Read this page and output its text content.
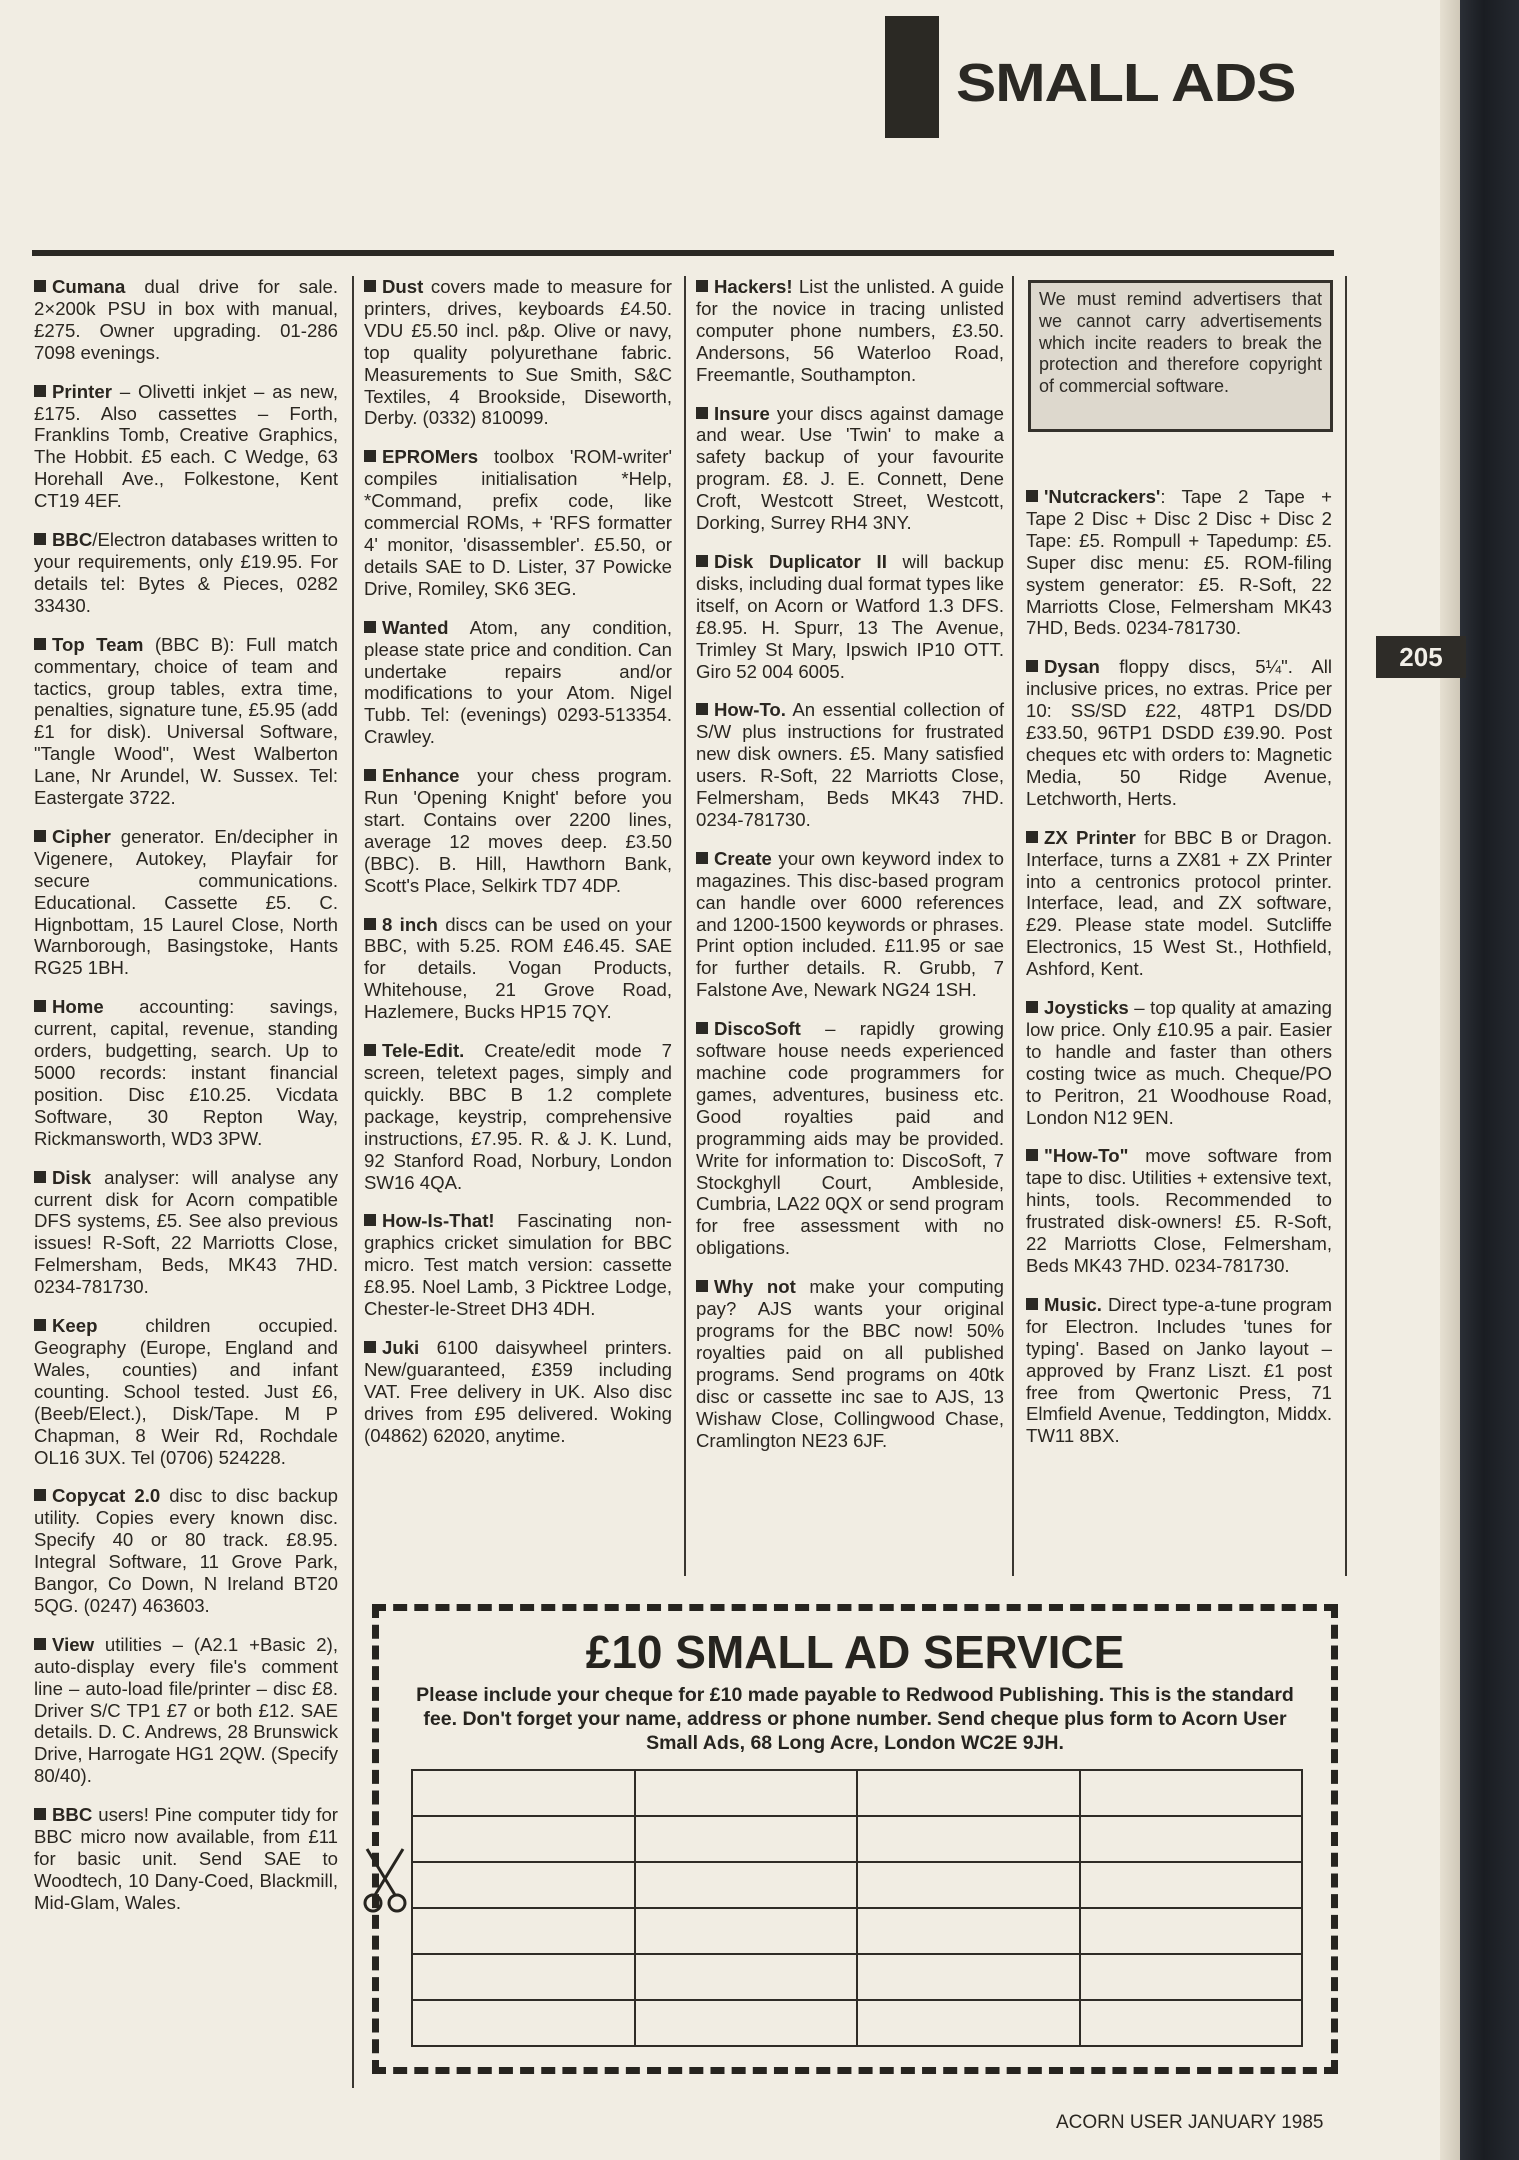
SMALL ADS
205
Cumana dual drive for sale. 2×200k PSU in box with manual, £275. Owner upgrading. 01-286 7098 evenings.
Printer – Olivetti inkjet – as new, £175. Also cassettes – Forth, Franklins Tomb, Creative Graphics, The Hobbit. £5 each. C Wedge, 63 Horehall Ave., Folkestone, Kent CT19 4EF.
BBC/Electron databases written to your requirements, only £19.95. For details tel: Bytes & Pieces, 0282 33430.
Top Team (BBC B): Full match commentary, choice of team and tactics, group tables, extra time, penalties, signature tune, £5.95 (add £1 for disk). Universal Software, "Tangle Wood", West Walberton Lane, Nr Arundel, W. Sussex. Tel: Eastergate 3722.
Cipher generator. En/decipher in Vigenere, Autokey, Playfair for secure communications. Educational. Cassette £5. C. Hignbottam, 15 Laurel Close, North Warnborough, Basingstoke, Hants RG25 1BH.
Home accounting: savings, current, capital, revenue, standing orders, budgetting, search. Up to 5000 records: instant financial position. Disc £10.25. Vicdata Software, 30 Repton Way, Rickmansworth, WD3 3PW.
Disk analyser: will analyse any current disk for Acorn compatible DFS systems, £5. See also previous issues! R-Soft, 22 Marriotts Close, Felmersham, Beds, MK43 7HD. 0234-781730.
Keep children occupied. Geography (Europe, England and Wales, counties) and infant counting. School tested. Just £6, (Beeb/Elect.), Disk/Tape. M P Chapman, 8 Weir Rd, Rochdale OL16 3UX. Tel (0706) 524228.
Copycat 2.0 disc to disc backup utility. Copies every known disc. Specify 40 or 80 track. £8.95. Integral Software, 11 Grove Park, Bangor, Co Down, N Ireland BT20 5QG. (0247) 463603.
View utilities – (A2.1 +Basic 2), auto-display every file's comment line – auto-load file/printer – disc £8. Driver S/C TP1 £7 or both £12. SAE details. D. C. Andrews, 28 Brunswick Drive, Harrogate HG1 2QW. (Specify 80/40).
BBC users! Pine computer tidy for BBC micro now available, from £11 for basic unit. Send SAE to Woodtech, 10 Dany-Coed, Blackmill, Mid-Glam, Wales.
Dust covers made to measure for printers, drives, keyboards £4.50. VDU £5.50 incl. p&p. Olive or navy, top quality polyurethane fabric. Measurements to Sue Smith, S&C Textiles, 4 Brookside, Diseworth, Derby. (0332) 810099.
EPROMers toolbox 'ROM-writer' compiles initialisation *Help, *Command, prefix code, like commercial ROMs, + 'RFS formatter 4' monitor, 'disassembler'. £5.50, or details SAE to D. Lister, 37 Powicke Drive, Romiley, SK6 3EG.
Wanted Atom, any condition, please state price and condition. Can undertake repairs and/or modifications to your Atom. Nigel Tubb. Tel: (evenings) 0293-513354. Crawley.
Enhance your chess program. Run 'Opening Knight' before you start. Contains over 2200 lines, average 12 moves deep. £3.50 (BBC). B. Hill, Hawthorn Bank, Scott's Place, Selkirk TD7 4DP.
8 inch discs can be used on your BBC, with 5.25. ROM £46.45. SAE for details. Vogan Products, Whitehouse, 21 Grove Road, Hazlemere, Bucks HP15 7QY.
Tele-Edit. Create/edit mode 7 screen, teletext pages, simply and quickly. BBC B 1.2 complete package, keystrip, comprehensive instructions, £7.95. R. & J. K. Lund, 92 Stanford Road, Norbury, London SW16 4QA.
How-Is-That! Fascinating non-graphics cricket simulation for BBC micro. Test match version: cassette £8.95. Noel Lamb, 3 Picktree Lodge, Chester-le-Street DH3 4DH.
Juki 6100 daisywheel printers. New/guaranteed, £359 including VAT. Free delivery in UK. Also disc drives from £95 delivered. Woking (04862) 62020, anytime.
Hackers! List the unlisted. A guide for the novice in tracing unlisted computer phone numbers, £3.50. Andersons, 56 Waterloo Road, Freemantle, Southampton.
Insure your discs against damage and wear. Use 'Twin' to make a safety backup of your favourite program. £8. J. E. Connett, Dene Croft, Westcott Street, Westcott, Dorking, Surrey RH4 3NY.
Disk Duplicator II will backup disks, including dual format types like itself, on Acorn or Watford 1.3 DFS. £8.95. H. Spurr, 13 The Avenue, Trimley St Mary, Ipswich IP10 OTT. Giro 52 004 6005.
How-To. An essential collection of S/W plus instructions for frustrated new disk owners. £5. Many satisfied users. R-Soft, 22 Marriotts Close, Felmersham, Beds MK43 7HD. 0234-781730.
Create your own keyword index to magazines. This disc-based program can handle over 6000 references and 1200-1500 keywords or phrases. Print option included. £11.95 or sae for further details. R. Grubb, 7 Falstone Ave, Newark NG24 1SH.
DiscoSoft – rapidly growing software house needs experienced machine code programmers for games, adventures, business etc. Good royalties paid and programming aids may be provided. Write for information to: DiscoSoft, 7 Stockghyll Court, Ambleside, Cumbria, LA22 0QX or send program for free assessment with no obligations.
Why not make your computing pay? AJS wants your original programs for the BBC now! 50% royalties paid on all published programs. Send programs on 40tk disc or cassette inc sae to AJS, 13 Wishaw Close, Collingwood Chase, Cramlington NE23 6JF.
'Nutcrackers': Tape 2 Tape + Tape 2 Disc + Disc 2 Disc + Disc 2 Tape: £5. Rompull + Tapedump: £5. Super disc menu: £5. ROM-filing system generator: £5. R-Soft, 22 Marriotts Close, Felmersham MK43 7HD, Beds. 0234-781730.
Dysan floppy discs, 5¼". All inclusive prices, no extras. Price per 10: SS/SD £22, 48TP1 DS/DD £33.50, 96TP1 DSDD £39.90. Post cheques etc with orders to: Magnetic Media, 50 Ridge Avenue, Letchworth, Herts.
ZX Printer for BBC B or Dragon. Interface, turns a ZX81 + ZX Printer into a centronics protocol printer. Interface, lead, and ZX software, £29. Please state model. Sutcliffe Electronics, 15 West St., Hothfield, Ashford, Kent.
Joysticks – top quality at amazing low price. Only £10.95 a pair. Easier to handle and faster than others costing twice as much. Cheque/PO to Peritron, 21 Woodhouse Road, London N12 9EN.
"How-To" move software from tape to disc. Utilities + extensive text, hints, tools. Recommended to frustrated disk-owners! £5. R-Soft, 22 Marriotts Close, Felmersham, Beds MK43 7HD. 0234-781730.
Music. Direct type-a-tune program for Electron. Includes 'tunes for typing'. Based on Janko layout – approved by Franz Liszt. £1 post free from Qwertonic Press, 71 Elmfield Avenue, Teddington, Middx. TW11 8BX.
We must remind advertisers that we cannot carry advertisements which incite readers to break the protection and therefore copyright of commercial software.
£10 SMALL AD SERVICE
Please include your cheque for £10 made payable to Redwood Publishing. This is the standard fee. Don't forget your name, address or phone number. Send cheque plus form to Acorn User Small Ads, 68 Long Acre, London WC2E 9JH.

ACORN USER JANUARY 1985
